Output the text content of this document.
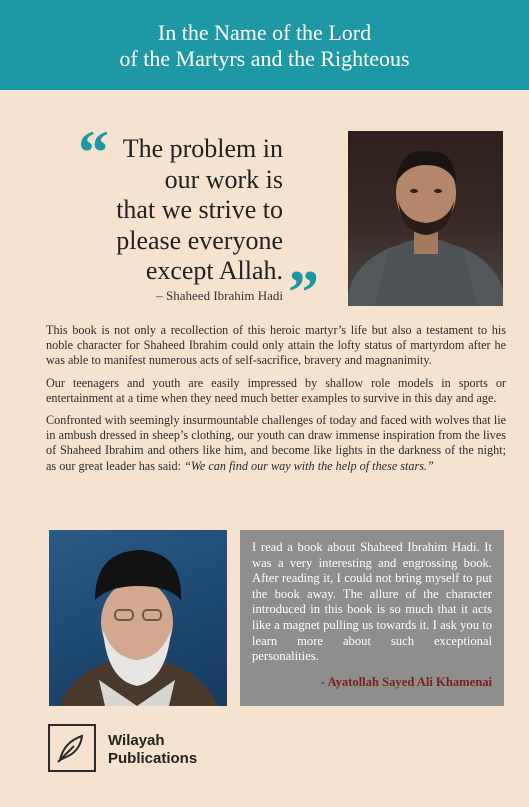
In the Name of the Lord
of the Martyrs and the Righteous
“ The problem in
our work is
that we strive to
please everyone
except Allah. ”
– Shaheed Ibrahim Hadi

This book is not only a recollection of this heroic martyr’s life but also a testament to his noble character for Shaheed Ibrahim could only attain the lofty status of martyrdom after he was able to manifest numerous acts of self-sacrifice, bravery and magnanimity.

Our teenagers and youth are easily impressed by shallow role models in sports or entertainment at a time when they need much better examples to survive in this day and age.

Confronted with seemingly insurmountable challenges of today and faced with wolves that lie in ambush dressed in sheep’s clothing, our youth can draw immense inspiration from the lives of Shaheed Ibrahim and others like him, and become like lights in the darkness of the night; as our great leader has said: “We can find our way with the help of these stars.”

I read a book about Shaheed Ibrahim Hadi. It was a very interesting and engrossing book. After reading it, I could not bring myself to put the book away. The allure of the character introduced in this book is so much that it acts like a magnet pulling us towards it. I ask you to learn more about such exceptional personalities.
- Ayatollah Sayed Ali Khamenai
Wilayah
Publications
